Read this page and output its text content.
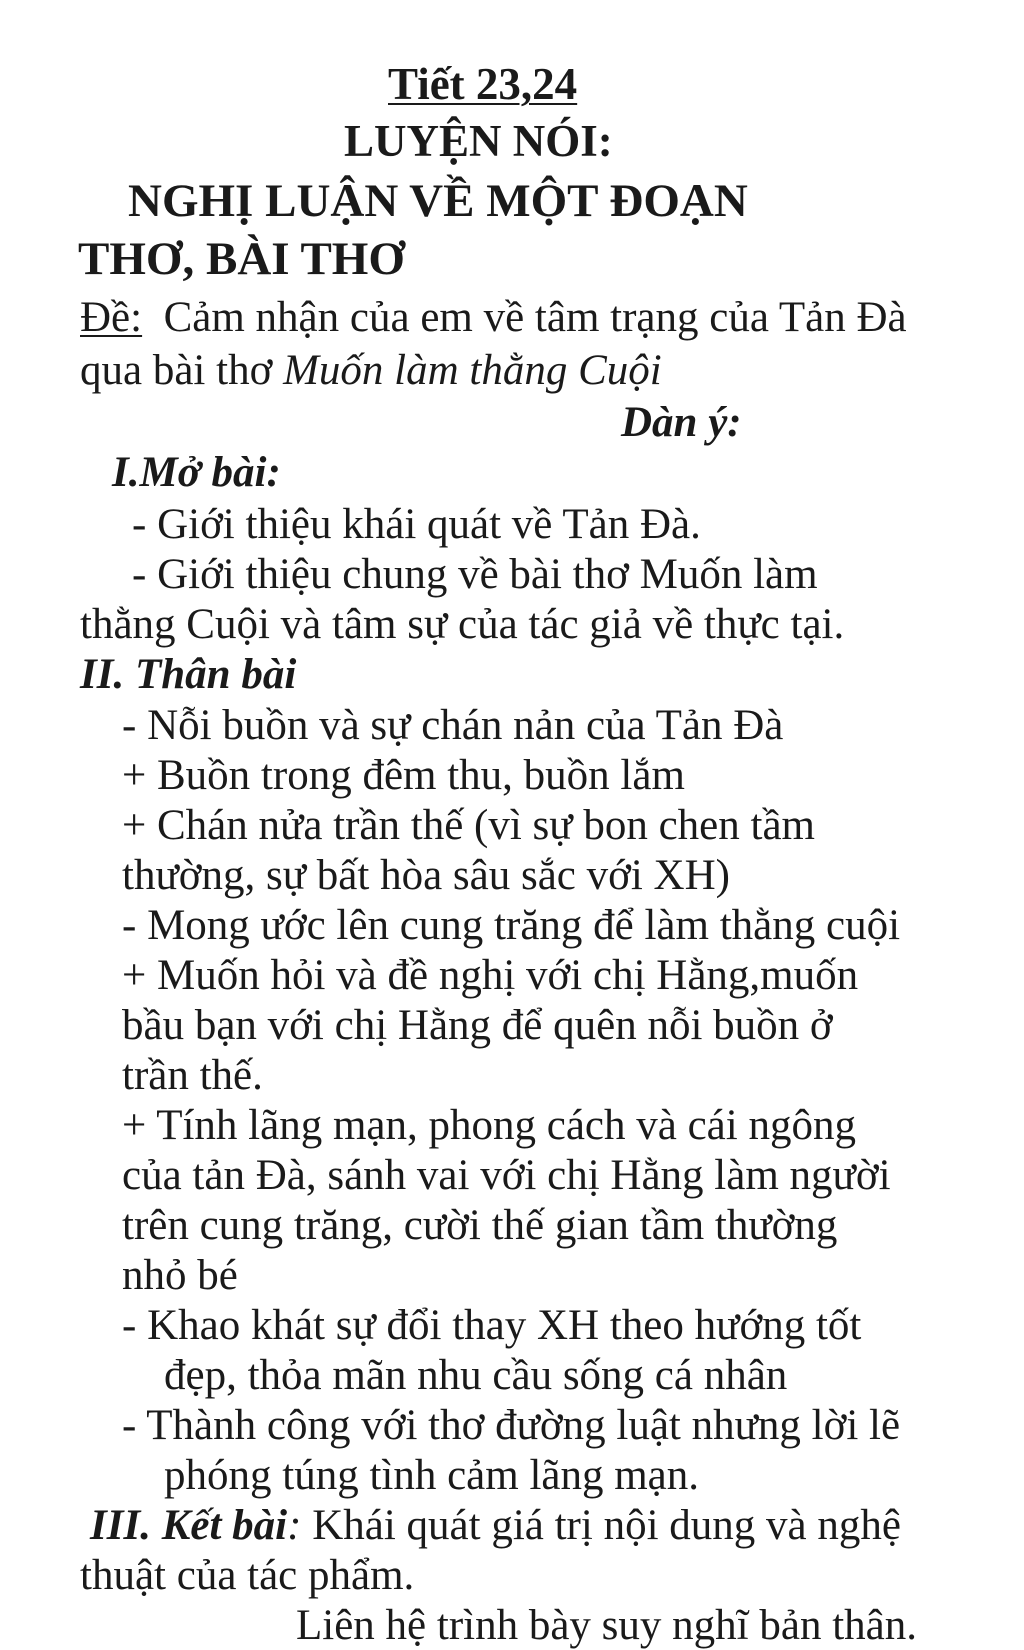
Tiết 23,24
LUYỆN NÓI:
NGHỊ LUẬN VỀ MỘT ĐOẠN
THƠ, BÀI THƠ
Đề: Cảm nhận của em về tâm trạng của Tản Đà
qua bài thơ Muốn làm thằng Cuội
Dàn ý:
I.Mở bài:
- Giới thiệu khái quát về Tản Đà.
- Giới thiệu chung về bài thơ Muốn làm
thằng Cuội và tâm sự của tác giả về thực tại.
II. Thân bài
- Nỗi buồn và sự chán nản của Tản Đà
+ Buồn trong đêm thu, buồn lắm
+ Chán nửa trần thế (vì sự bon chen tầm
thường, sự bất hòa sâu sắc với XH)
- Mong ước lên cung trăng để làm thằng cuội
+ Muốn hỏi và đề nghị với chị Hằng,muốn
bầu bạn với chị Hằng để quên nỗi buồn ở
trần thế.
+ Tính lãng mạn, phong cách và cái ngông
của tản Đà, sánh vai với chị Hằng làm người
trên cung trăng, cười thế gian tầm thường
nhỏ bé
- Khao khát sự đổi thay XH theo hướng tốt
đẹp, thỏa mãn nhu cầu sống cá nhân
- Thành công với thơ đường luật nhưng lời lẽ
phóng túng tình cảm lãng mạn.
III. Kết bài: Khái quát giá trị nội dung và nghệ
thuật của tác phẩm.
Liên hệ trình bày suy nghĩ bản thân.
